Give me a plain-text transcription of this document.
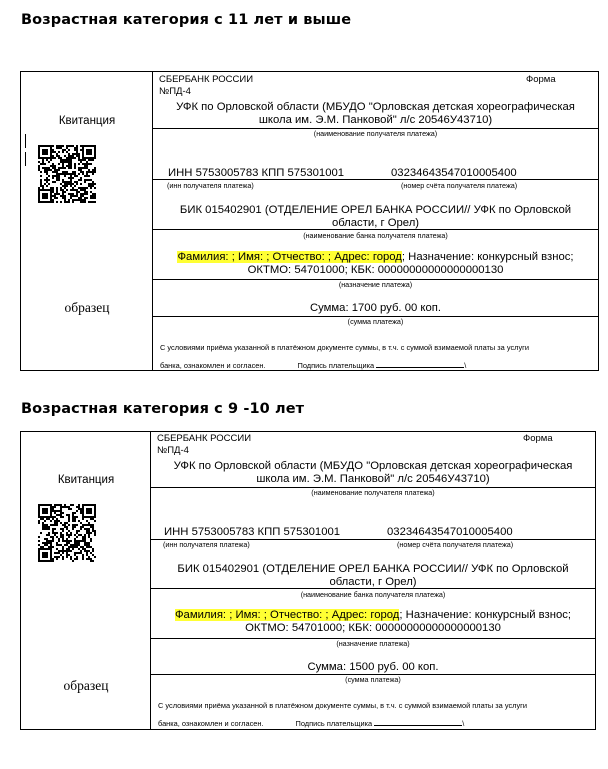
Возрастная категория с 11 лет и выше
Квитанция
образец
СБЕРБАНК РОССИИ	Форма
№ПД-4
УФК по Орловской области (МБУДО "Орловская детская хореографическая школа им. Э.М. Панковой" л/с 20546У43710)
(наименование получателя платежа)
ИНН 5753005783 КПП 575301001	03234643547010005400
(инн получателя платежа)	(номер счёта получателя платежа)
БИК 015402901 (ОТДЕЛЕНИЕ ОРЕЛ БАНКА РОССИИ// УФК по Орловской области, г Орел)
(наименование банка получателя платежа)
Фамилия: ; Имя: ; Отчество: ; Адрес: город; Назначение: конкурсный взнос;
ОКТМО: 54701000; КБК: 00000000000000000130
(назначение платежа)
Сумма: 1700 руб. 00 коп.
(сумма платежа)
С условиями приёма указанной в платёжном документе суммы, в т.ч. с суммой взимаемой платы за услуги
банка, ознакомлен и согласен.	Подпись плательщика	\
Возрастная категория с 9 -10 лет
Квитанция
образец
СБЕРБАНК РОССИИ	Форма
№ПД-4
УФК по Орловской области (МБУДО "Орловская детская хореографическая школа им. Э.М. Панковой" л/с 20546У43710)
(наименование получателя платежа)
ИНН 5753005783 КПП 575301001	03234643547010005400
(инн получателя платежа)	(номер счёта получателя платежа)
БИК 015402901 (ОТДЕЛЕНИЕ ОРЕЛ БАНКА РОССИИ// УФК по Орловской области, г Орел)
(наименование банка получателя платежа)
Фамилия: ; Имя: ; Отчество: ; Адрес: город; Назначение: конкурсный взнос;
ОКТМО: 54701000; КБК: 00000000000000000130
(назначение платежа)
Сумма: 1500 руб. 00 коп.
(сумма платежа)
С условиями приёма указанной в платёжном документе суммы, в т.ч. с суммой взимаемой платы за услуги
банка, ознакомлен и согласен.	Подпись плательщика	\
